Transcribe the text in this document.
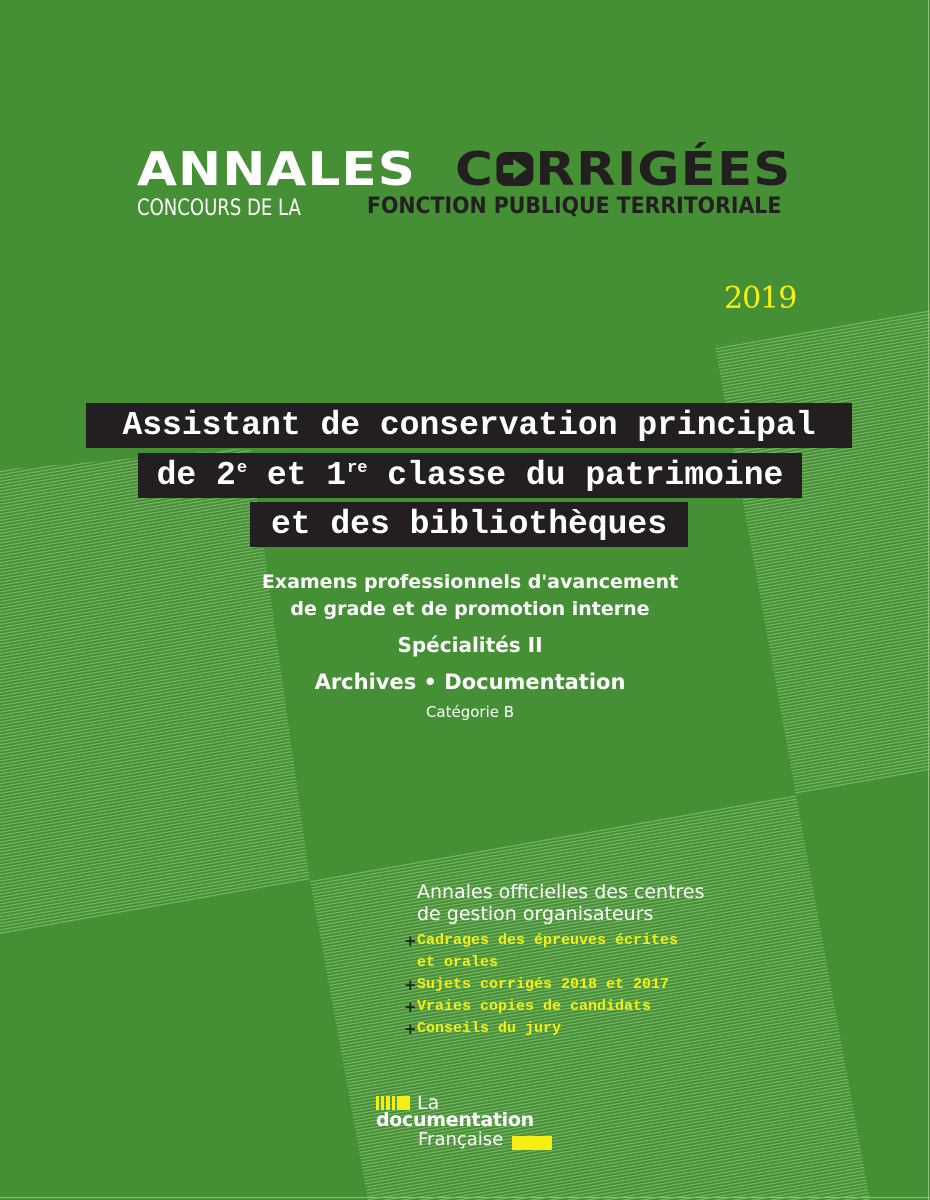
ANNALES C RRIGÉES
CONCOURS DE LA	FONCTION PUBLIQUE TERRITORIALE
2019
Assistant de conservation principal
de 2e et 1re classe du patrimoine
et des bibliothèques
Examens professionnels d'avancement
de grade et de promotion interne
Spécialités II
Archives • Documentation
Catégorie B
Annales officielles des centres
de gestion organisateurs
+ Cadrages des épreuves écrites
et orales
+ Sujets corrigés 2018 et 2017
+ Vraies copies de candidats
+ Conseils du jury
La
documentation
Française
